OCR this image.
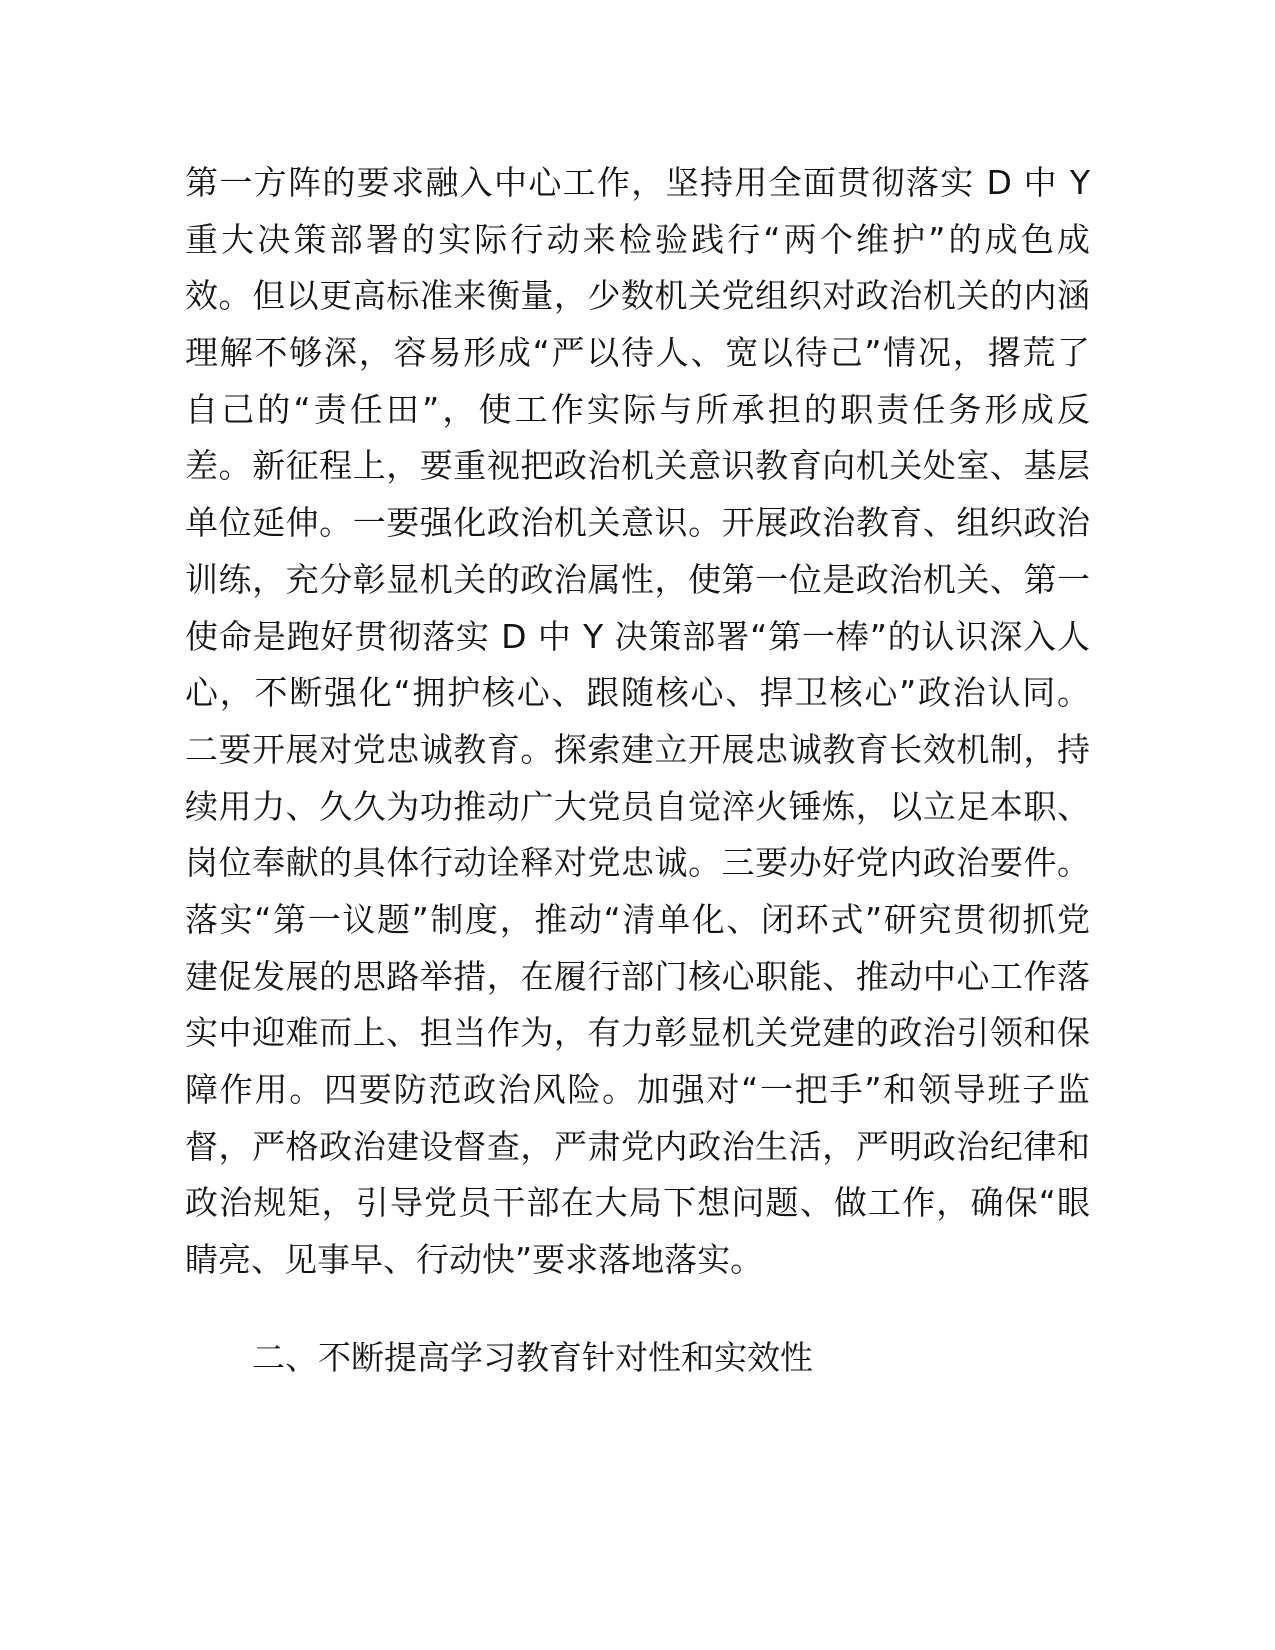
第一方阵的要求融入中心工作，坚持用全面贯彻落实 D 中 Y
重大决策部署的实际行动来检验践行“两个维护”的成色成
效。但以更高标准来衡量，少数机关党组织对政治机关的内涵
理解不够深，容易形成“严以待人、宽以待己”情况，撂荒了
自己的“责任田”，使工作实际与所承担的职责任务形成反
差。新征程上，要重视把政治机关意识教育向机关处室、基层
单位延伸。一要强化政治机关意识。开展政治教育、组织政治
训练，充分彰显机关的政治属性，使第一位是政治机关、第一
使命是跑好贯彻落实 D 中 Y 决策部署“第一棒”的认识深入人
心，不断强化“拥护核心、跟随核心、捍卫核心”政治认同。
二要开展对党忠诚教育。探索建立开展忠诚教育长效机制，持
续用力、久久为功推动广大党员自觉淬火锤炼，以立足本职、
岗位奉献的具体行动诠释对党忠诚。三要办好党内政治要件。
落实“第一议题”制度，推动“清单化、闭环式”研究贯彻抓党
建促发展的思路举措，在履行部门核心职能、推动中心工作落
实中迎难而上、担当作为，有力彰显机关党建的政治引领和保
障作用。四要防范政治风险。加强对“一把手”和领导班子监
督，严格政治建设督查，严肃党内政治生活，严明政治纪律和
政治规矩，引导党员干部在大局下想问题、做工作，确保“眼
睛亮、见事早、行动快”要求落地落实。
二、不断提高学习教育针对性和实效性
